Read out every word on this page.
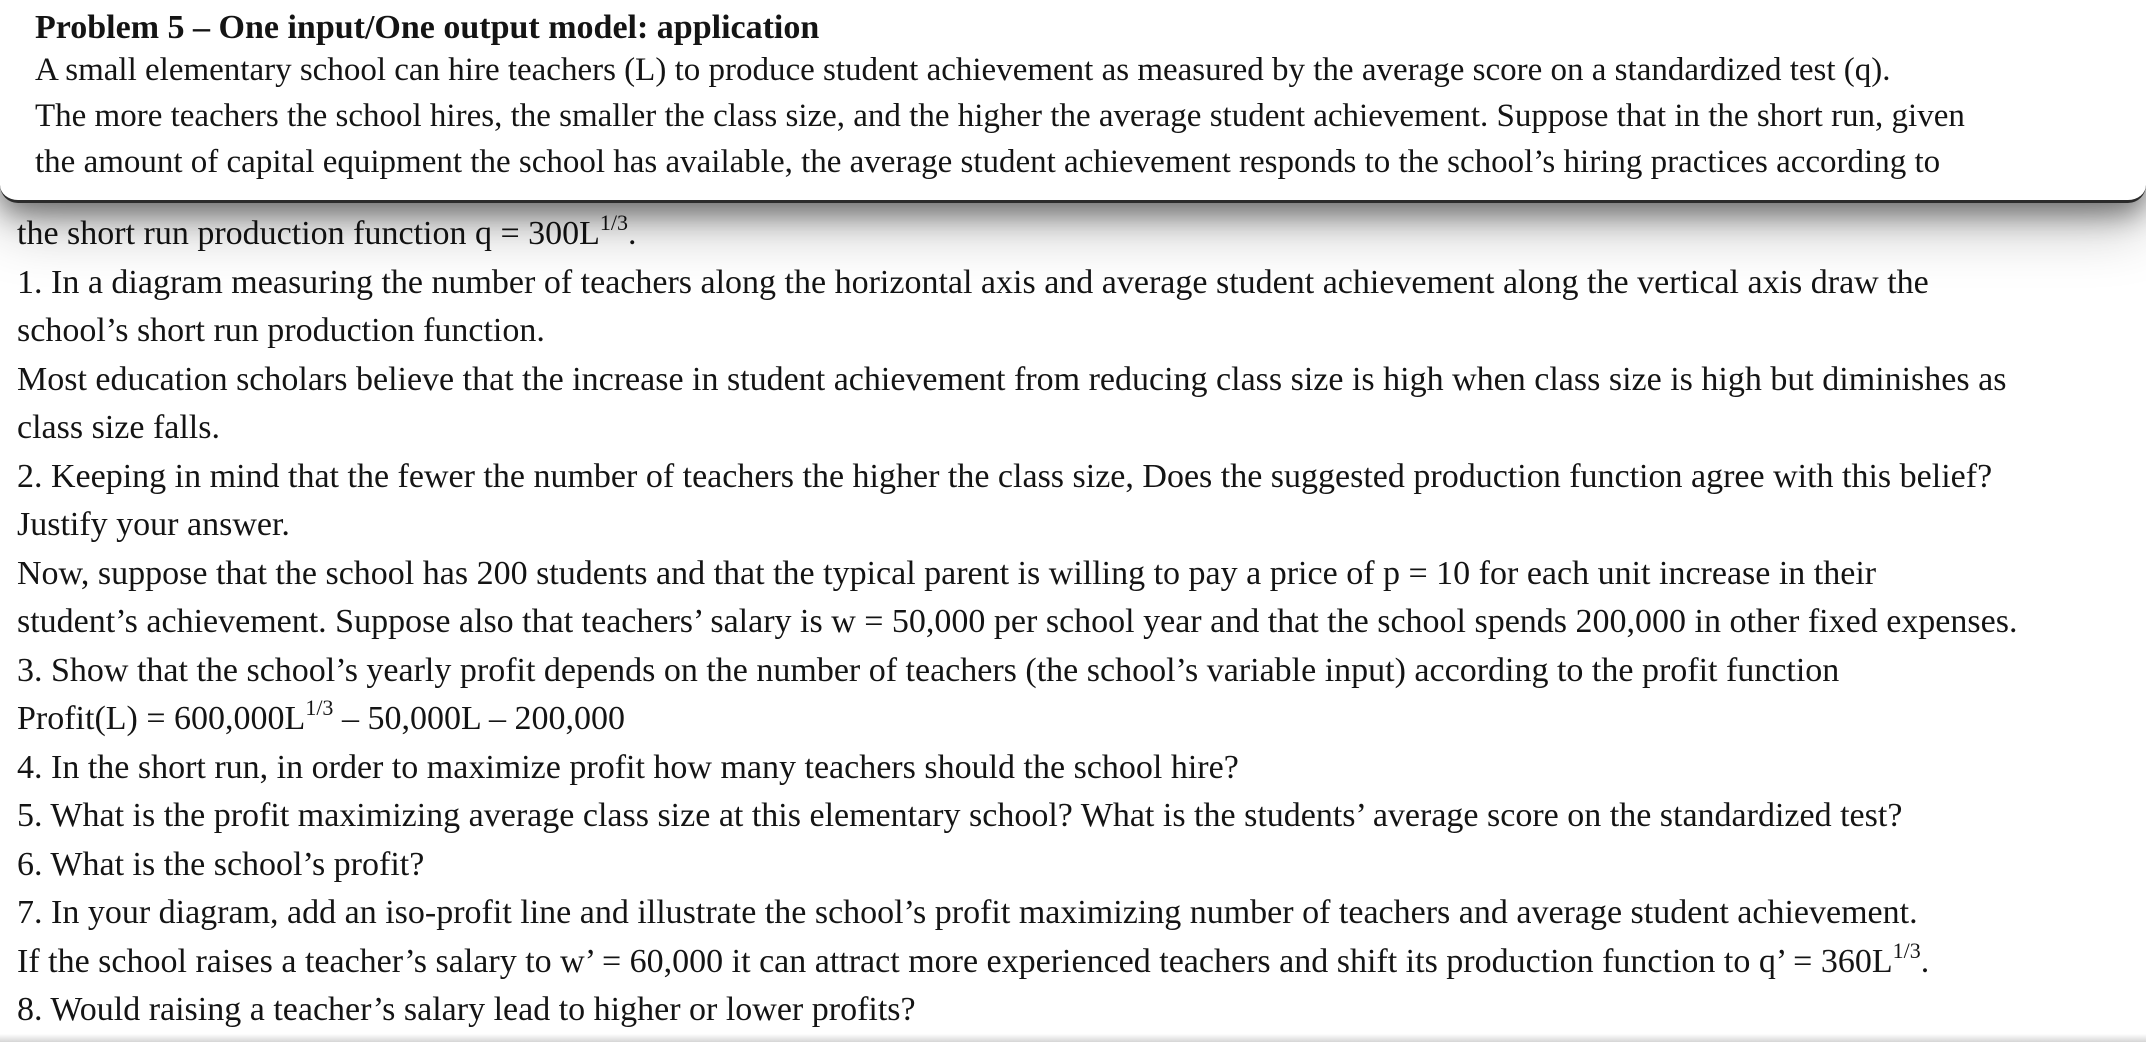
the short run production function $q = 300L^{1/3}$.
1. In a diagram measuring the number of teachers along the horizontal axis and average student achievement along the vertical axis draw the
school’s short run production function.
Most education scholars believe that the increase in student achievement from reducing class size is high when class size is high but diminishes as
class size falls.
2. Keeping in mind that the fewer the number of teachers the higher the class size, Does the suggested production function agree with this belief?
Justify your answer.
Now, suppose that the school has 200 students and that the typical parent is willing to pay a price of p = 10 for each unit increase in their
student’s achievement. Suppose also that teachers’ salary is w = 50,000 per school year and that the school spends 200,000 in other fixed expenses.
3. Show that the school’s yearly profit depends on the number of teachers (the school’s variable input) according to the profit function
Profit(L) = $600,000L^{1/3} - 50,000L - 200,000$
4. In the short run, in order to maximize profit how many teachers should the school hire?
5. What is the profit maximizing average class size at this elementary school? What is the students’ average score on the standardized test?
6. What is the school’s profit?
7. In your diagram, add an iso-profit line and illustrate the school’s profit maximizing number of teachers and average student achievement.
If the school raises a teacher’s salary to w’ = 60,000 it can attract more experienced teachers and shift its production function to q’ = $360L^{1/3}$.
8. Would raising a teacher’s salary lead to higher or lower profits?
Problem 5 – One input/One output model: application
A small elementary school can hire teachers (L) to produce student achievement as measured by the average score on a standardized test (q).
The more teachers the school hires, the smaller the class size, and the higher the average student achievement. Suppose that in the short run, given
the amount of capital equipment the school has available, the average student achievement responds to the school’s hiring practices according to
